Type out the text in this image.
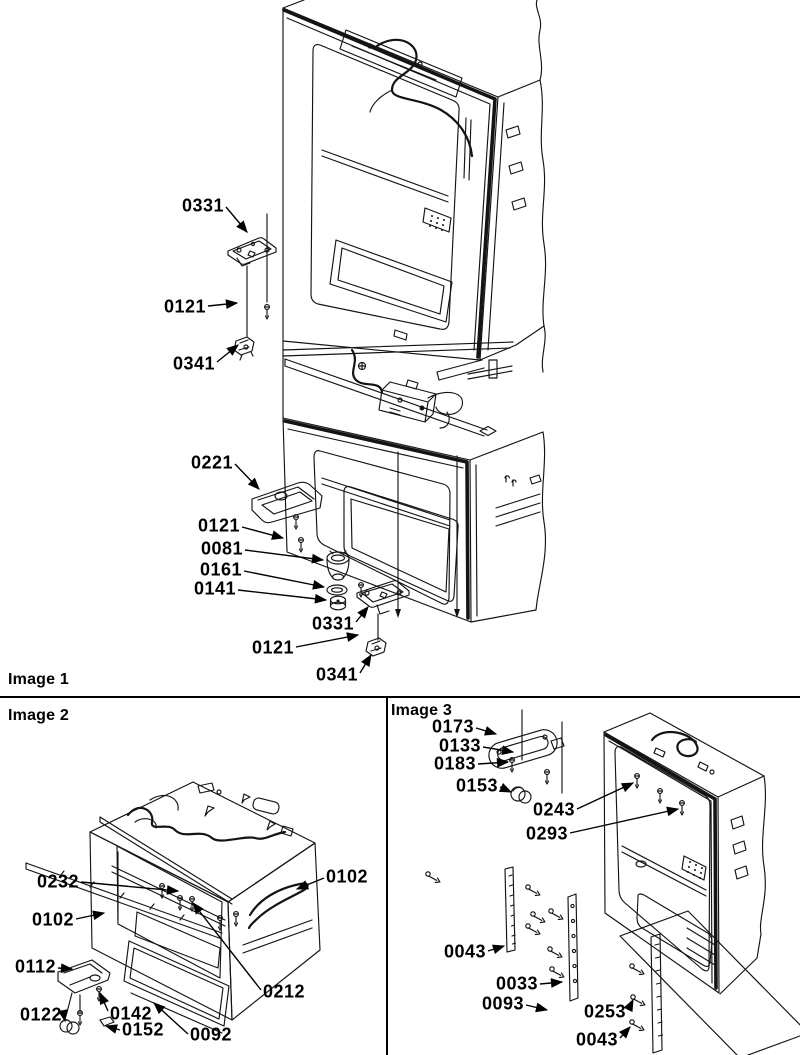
0331
0121
0341
0221
0121
0081
0161
0141
0331
0121
0341
0232
0102
0102
0112
0122	0142
0152 0092
0212
0173
0133
0183
0153
0243
0293
0043
0033
0093	0253
0043
Image 1
Image 2	Image 3
